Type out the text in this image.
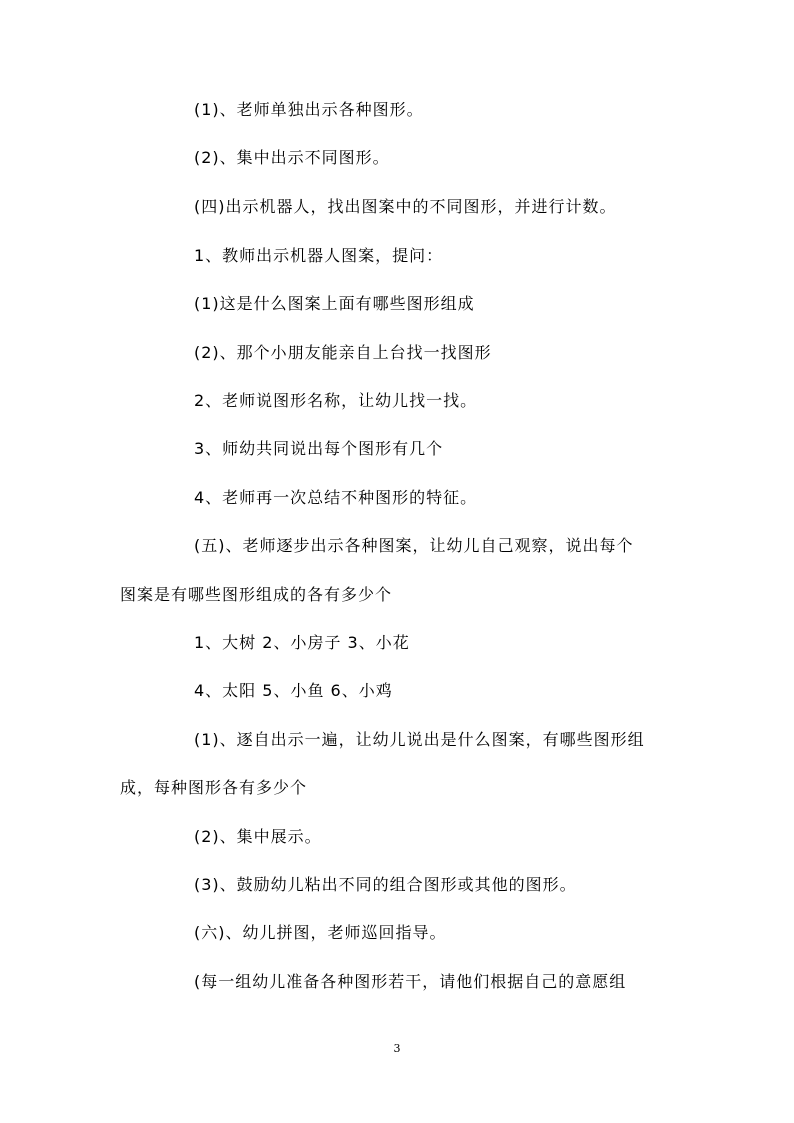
(1)、老师单独出示各种图形。

(2)、集中出示不同图形。

(四)出示机器人，找出图案中的不同图形，并进行计数。

1、教师出示机器人图案，提问：

(1)这是什么图案上面有哪些图形组成

(2)、那个小朋友能亲自上台找一找图形

2、老师说图形名称，让幼儿找一找。

3、师幼共同说出每个图形有几个

4、老师再一次总结不种图形的特征。

(五)、老师逐步出示各种图案，让幼儿自己观察，说出每个

图案是有哪些图形组成的各有多少个

1、大树 2、小房子 3、小花

4、太阳 5、小鱼 6、小鸡

(1)、逐自出示一遍，让幼儿说出是什么图案，有哪些图形组

成，每种图形各有多少个

(2)、集中展示。

(3)、鼓励幼儿粘出不同的组合图形或其他的图形。

(六)、幼儿拼图，老师巡回指导。

(每一组幼儿准备各种图形若干，请他们根据自己的意愿组

3
